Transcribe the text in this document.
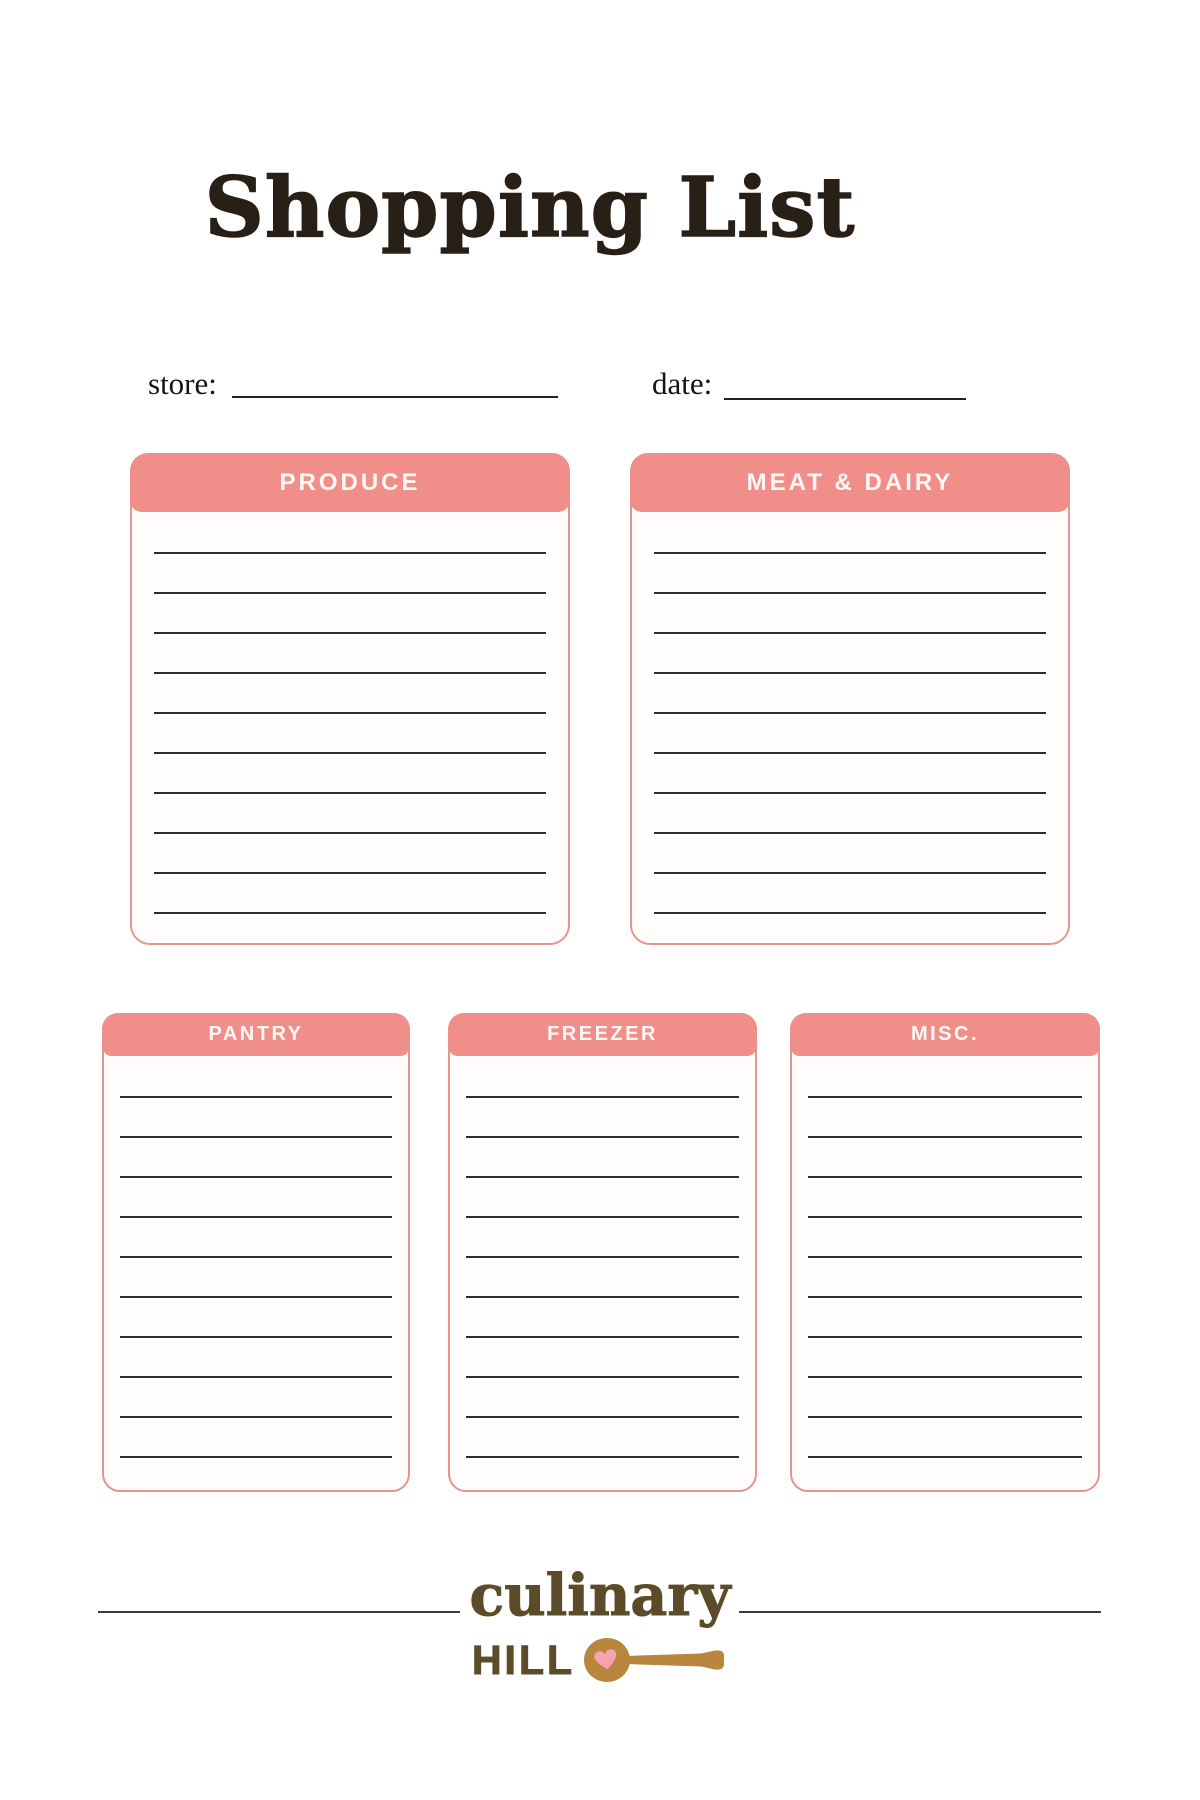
Shopping List
store:	date:
PRODUCE	MEAT & DAIRY
PANTRY	FREEZER	MISC.
culinary
HILL
